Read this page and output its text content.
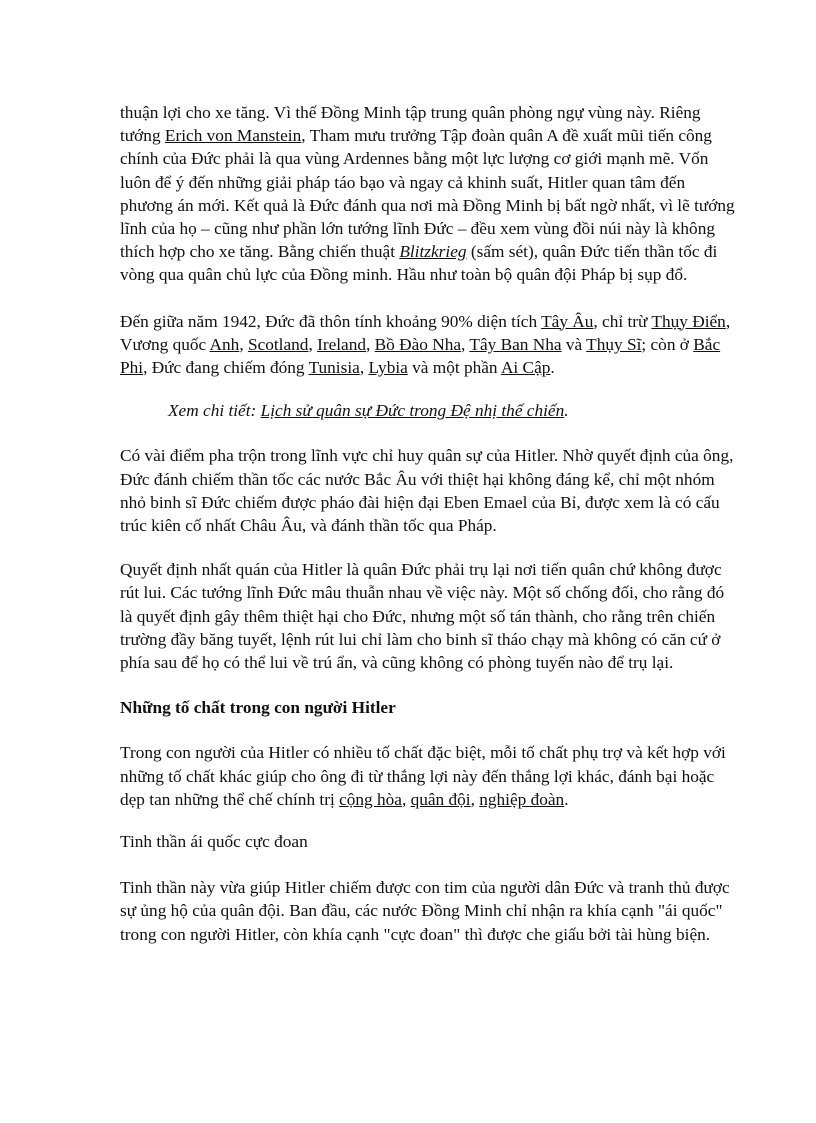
thuận lợi cho xe tăng. Vì thế Đồng Minh tập trung quân phòng ngự vùng này. Riêng tướng Erich von Manstein, Tham mưu trưởng Tập đoàn quân A đề xuất mũi tiến công chính của Đức phải là qua vùng Ardennes bằng một lực lượng cơ giới mạnh mẽ. Vốn luôn để ý đến những giải pháp táo bạo và ngay cả khinh suất, Hitler quan tâm đến phương án mới. Kết quả là Đức đánh qua nơi mà Đồng Minh bị bất ngờ nhất, vì lẽ tướng lĩnh của họ – cũng như phần lớn tướng lĩnh Đức – đều xem vùng đồi núi này là không thích hợp cho xe tăng. Bằng chiến thuật Blitzkrieg (sấm sét), quân Đức tiến thần tốc đi vòng qua quân chủ lực của Đồng minh. Hầu như toàn bộ quân đội Pháp bị sụp đổ.

Đến giữa năm 1942, Đức đã thôn tính khoảng 90% diện tích Tây Âu, chỉ trừ Thụy Điển, Vương quốc Anh, Scotland, Ireland, Bồ Đào Nha, Tây Ban Nha và Thụy Sĩ; còn ở Bắc Phi, Đức đang chiếm đóng Tunisia, Lybia và một phần Ai Cập.

Xem chi tiết: Lịch sử quân sự Đức trong Đệ nhị thế chiến.

Có vài điểm pha trộn trong lĩnh vực chỉ huy quân sự của Hitler. Nhờ quyết định của ông, Đức đánh chiếm thần tốc các nước Bắc Âu với thiệt hại không đáng kể, chỉ một nhóm nhỏ binh sĩ Đức chiếm được pháo đài hiện đại Eben Emael của Bỉ, được xem là có cấu trúc kiên cố nhất Châu Âu, và đánh thần tốc qua Pháp.

Quyết định nhất quán của Hitler là quân Đức phải trụ lại nơi tiến quân chứ không được rút lui. Các tướng lĩnh Đức mâu thuẫn nhau về việc này. Một số chống đối, cho rằng đó là quyết định gây thêm thiệt hại cho Đức, nhưng một số tán thành, cho rằng trên chiến trường đầy băng tuyết, lệnh rút lui chỉ làm cho binh sĩ tháo chạy mà không có căn cứ ở phía sau để họ có thể lui về trú ẩn, và cũng không có phòng tuyến nào để trụ lại.

Những tố chất trong con người Hitler

Trong con người của Hitler có nhiều tố chất đặc biệt, mỗi tố chất phụ trợ và kết hợp với những tố chất khác giúp cho ông đi từ thắng lợi này đến thắng lợi khác, đánh bại hoặc dẹp tan những thể chế chính trị cộng hòa, quân đội, nghiệp đoàn.

Tinh thần ái quốc cực đoan

Tinh thần này vừa giúp Hitler chiếm được con tim của người dân Đức và tranh thủ được sự ủng hộ của quân đội. Ban đầu, các nước Đồng Minh chỉ nhận ra khía cạnh "ái quốc" trong con người Hitler, còn khía cạnh "cực đoan" thì được che giấu bởi tài hùng biện.
